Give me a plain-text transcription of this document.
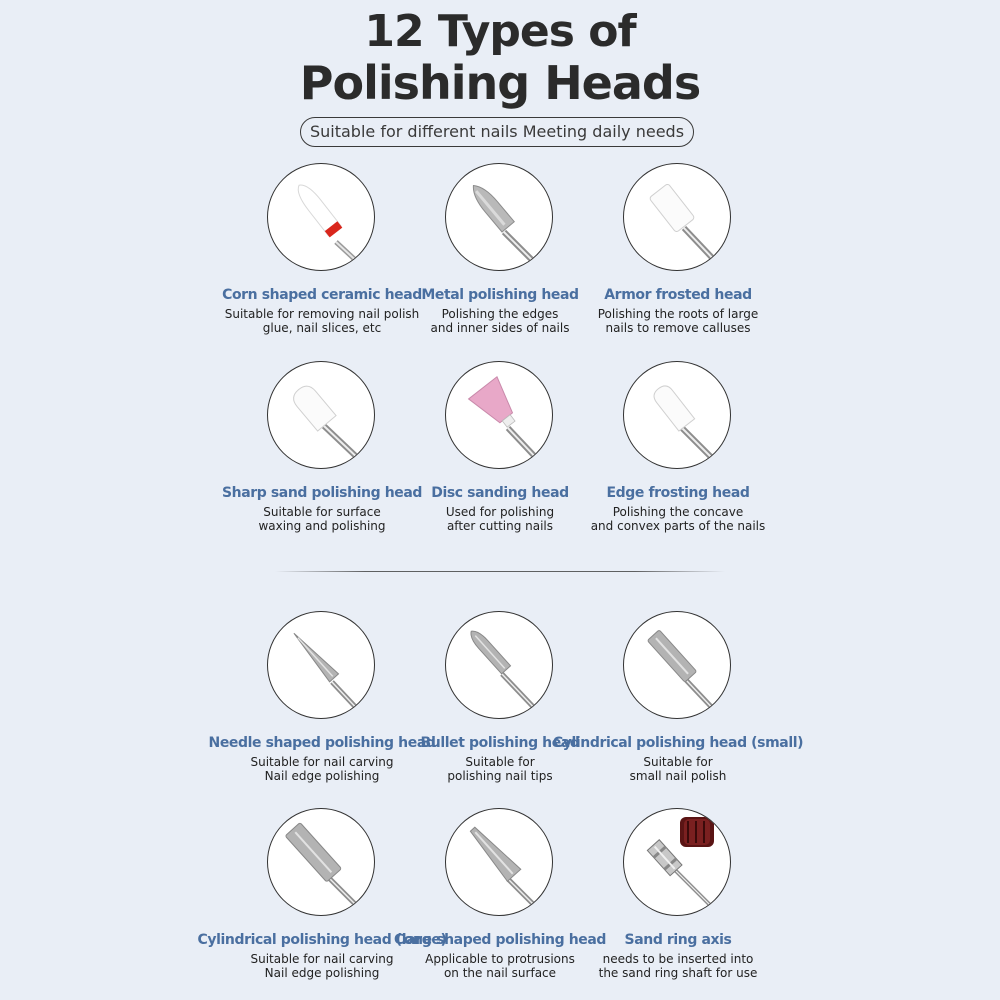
12 Types of
Polishing Heads
Suitable for different nails Meeting daily needs
Corn shaped ceramic head
Suitable for removing nail polish
glue, nail slices, etc
Metal polishing head
Polishing the edges
and inner sides of nails
Armor frosted head
Polishing the roots of large
nails to remove calluses
Sharp sand polishing head
Suitable for surface
waxing and polishing
Disc sanding head
Used for polishing
after cutting nails
Edge frosting head
Polishing the concave
and convex parts of the nails
Needle shaped polishing head
Suitable for nail carving
Nail edge polishing
Bullet polishing head
Suitable for
polishing nail tips
Cylindrical polishing head (small)
Suitable for
small nail polish
Cylindrical polishing head (large)
Suitable for nail carving
Nail edge polishing
Cone shaped polishing head
Applicable to protrusions
on the nail surface
Sand ring axis
needs to be inserted into
the sand ring shaft for use
